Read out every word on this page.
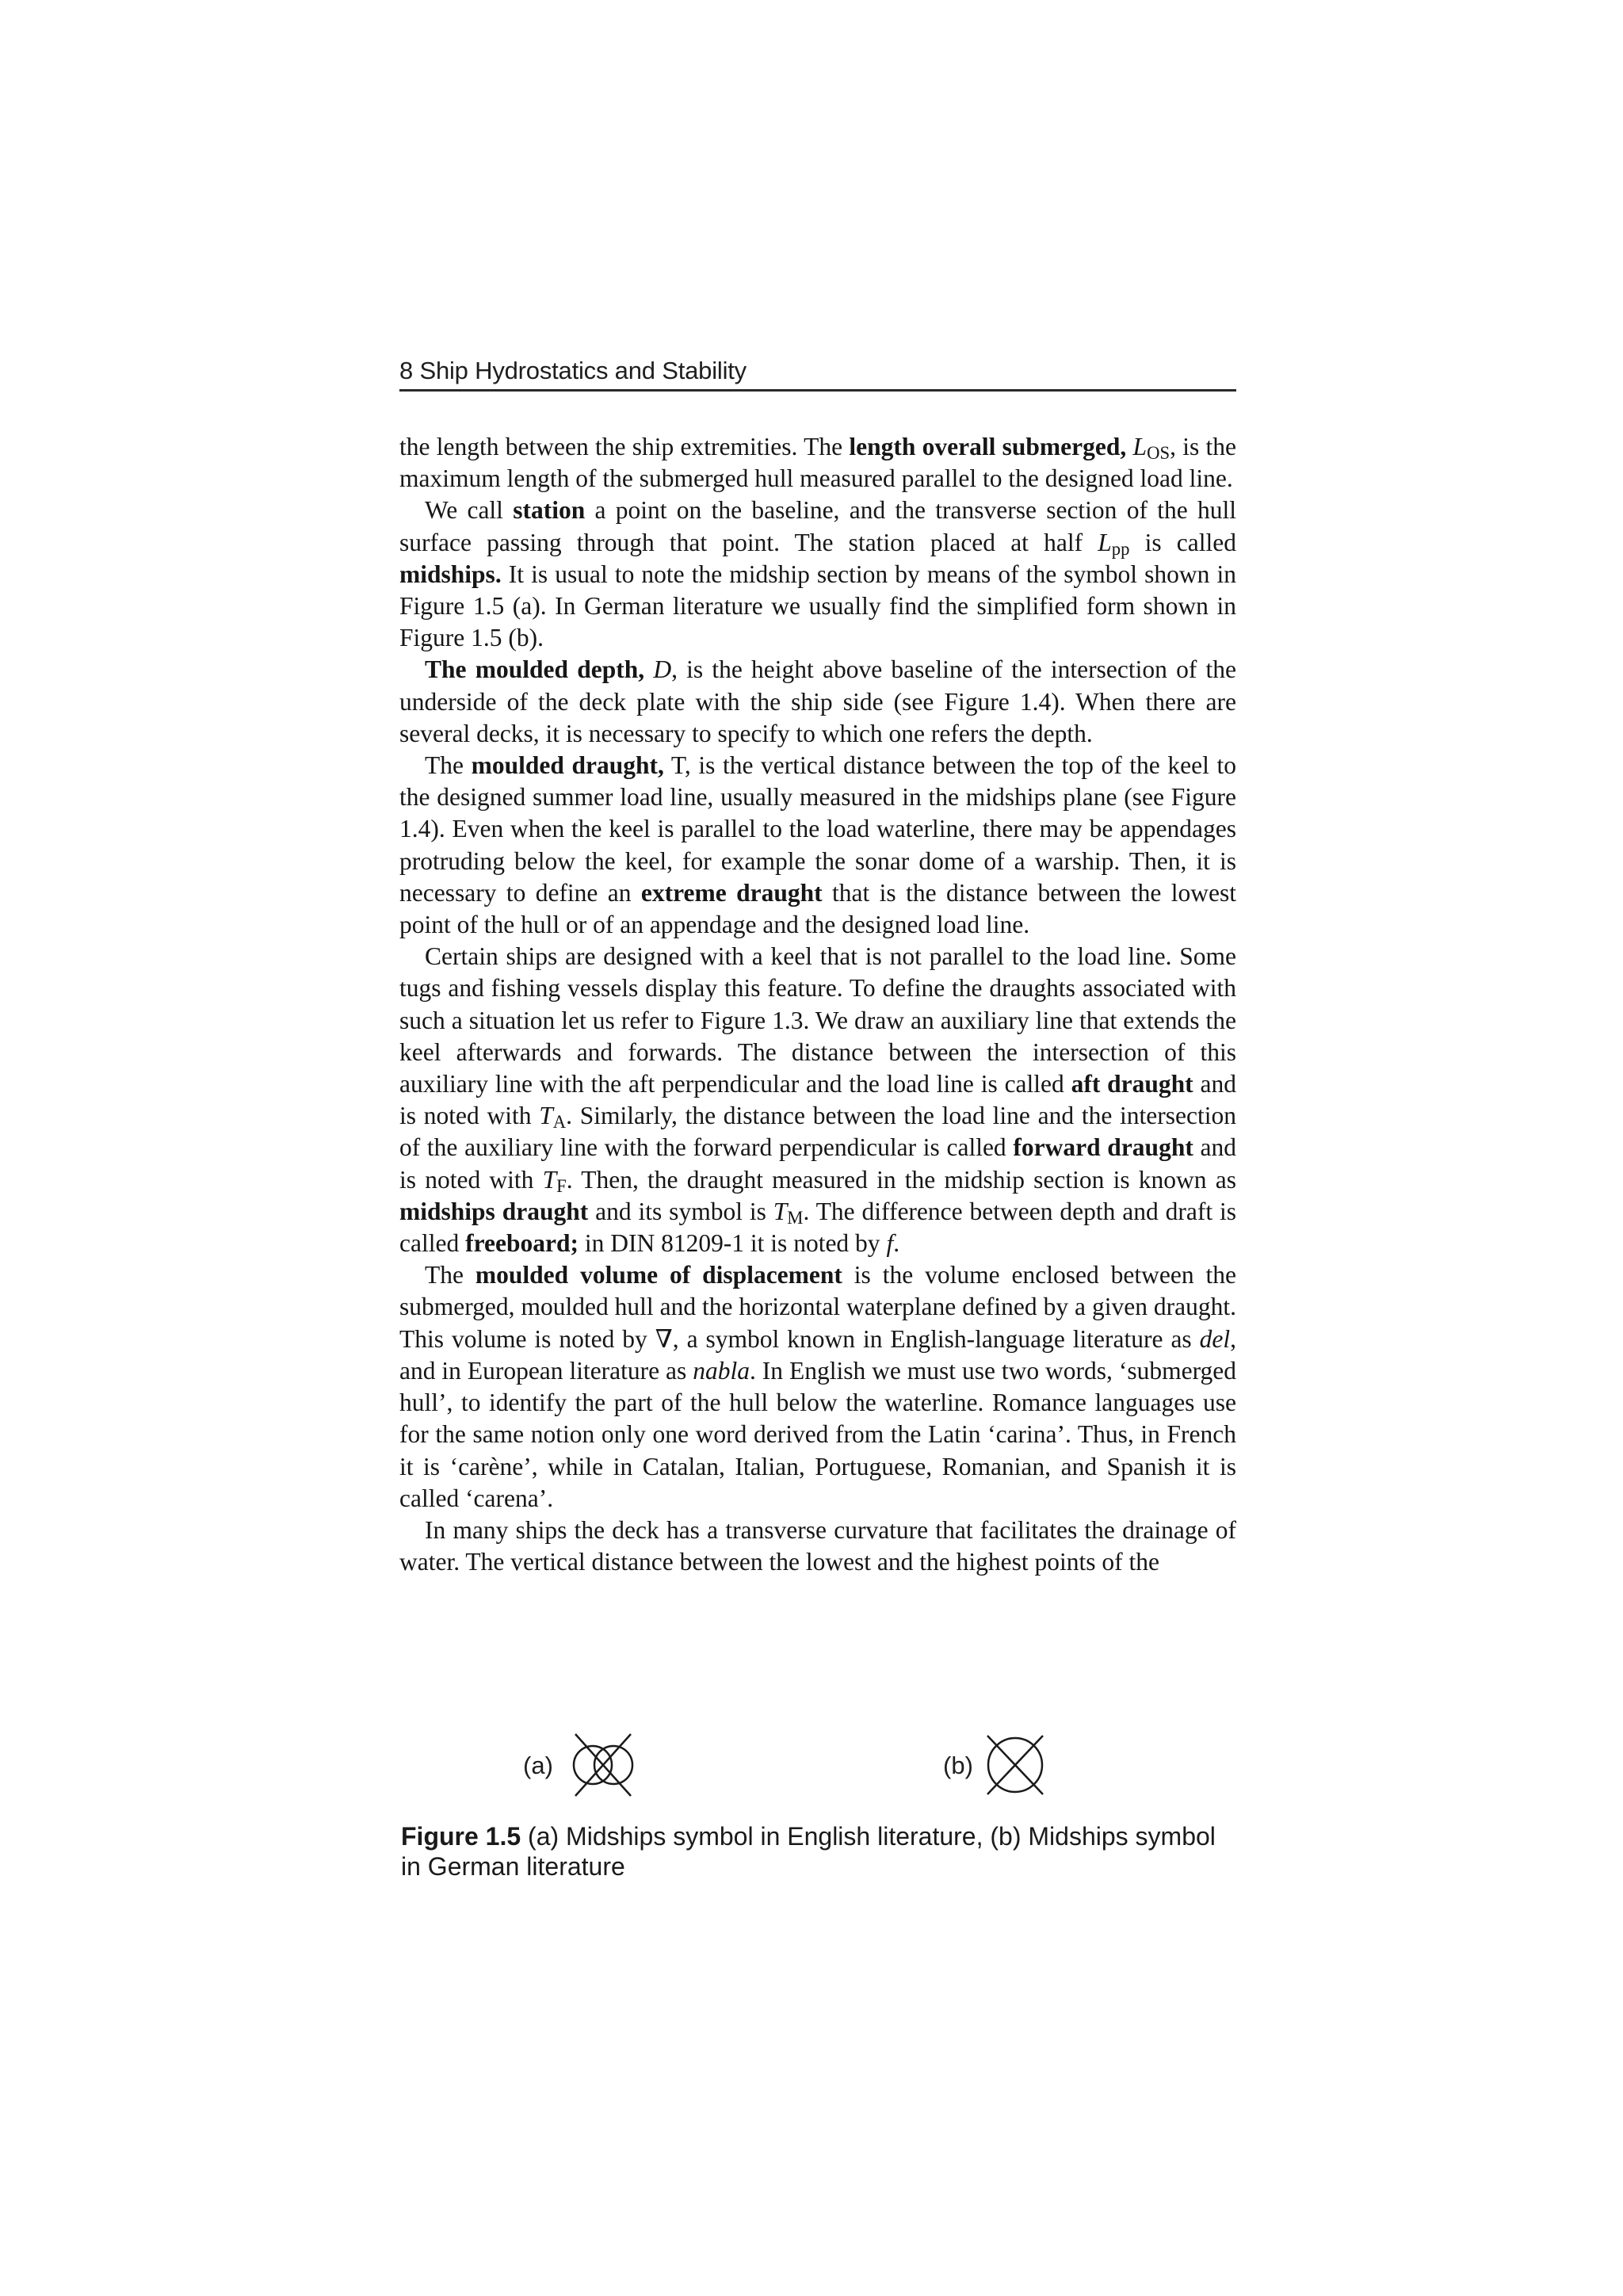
8 Ship Hydrostatics and Stability

the length between the ship extremities. The length overall submerged, $L_{OS}$, is the maximum length of the submerged hull measured parallel to the designed load line.

We call station a point on the baseline, and the transverse section of the hull surface passing through that point. The station placed at half $L_{pp}$ is called midships. It is usual to note the midship section by means of the symbol shown in Figure 1.5 (a). In German literature we usually find the simplified form shown in Figure 1.5 (b).

The moulded depth, D, is the height above baseline of the intersection of the underside of the deck plate with the ship side (see Figure 1.4). When there are several decks, it is necessary to specify to which one refers the depth.

The moulded draught, T, is the vertical distance between the top of the keel to the designed summer load line, usually measured in the midships plane (see Figure 1.4). Even when the keel is parallel to the load waterline, there may be appendages protruding below the keel, for example the sonar dome of a warship. Then, it is necessary to define an extreme draught that is the distance between the lowest point of the hull or of an appendage and the designed load line.

Certain ships are designed with a keel that is not parallel to the load line. Some tugs and fishing vessels display this feature. To define the draughts associated with such a situation let us refer to Figure 1.3. We draw an auxiliary line that extends the keel afterwards and forwards. The distance between the intersection of this auxiliary line with the aft perpendicular and the load line is called aft draught and is noted with $T_A$. Similarly, the distance between the load line and the intersection of the auxiliary line with the forward perpendicular is called forward draught and is noted with $T_F$. Then, the draught measured in the midship section is known as midships draught and its symbol is $T_M$. The difference between depth and draft is called freeboard; in DIN 81209-1 it is noted by f.

The moulded volume of displacement is the volume enclosed between the submerged, moulded hull and the horizontal waterplane defined by a given draught. This volume is noted by ∇, a symbol known in English-language literature as del, and in European literature as nabla. In English we must use two words, ‘submerged hull’, to identify the part of the hull below the waterline. Romance languages use for the same notion only one word derived from the Latin ‘carina’. Thus, in French it is ‘carène’, while in Catalan, Italian, Portuguese, Romanian, and Spanish it is called ‘carena’.

In many ships the deck has a transverse curvature that facilitates the drainage of water. The vertical distance between the lowest and the highest points of the

(a)	(b)
Figure 1.5 (a) Midships symbol in English literature, (b) Midships symbol in German literature
